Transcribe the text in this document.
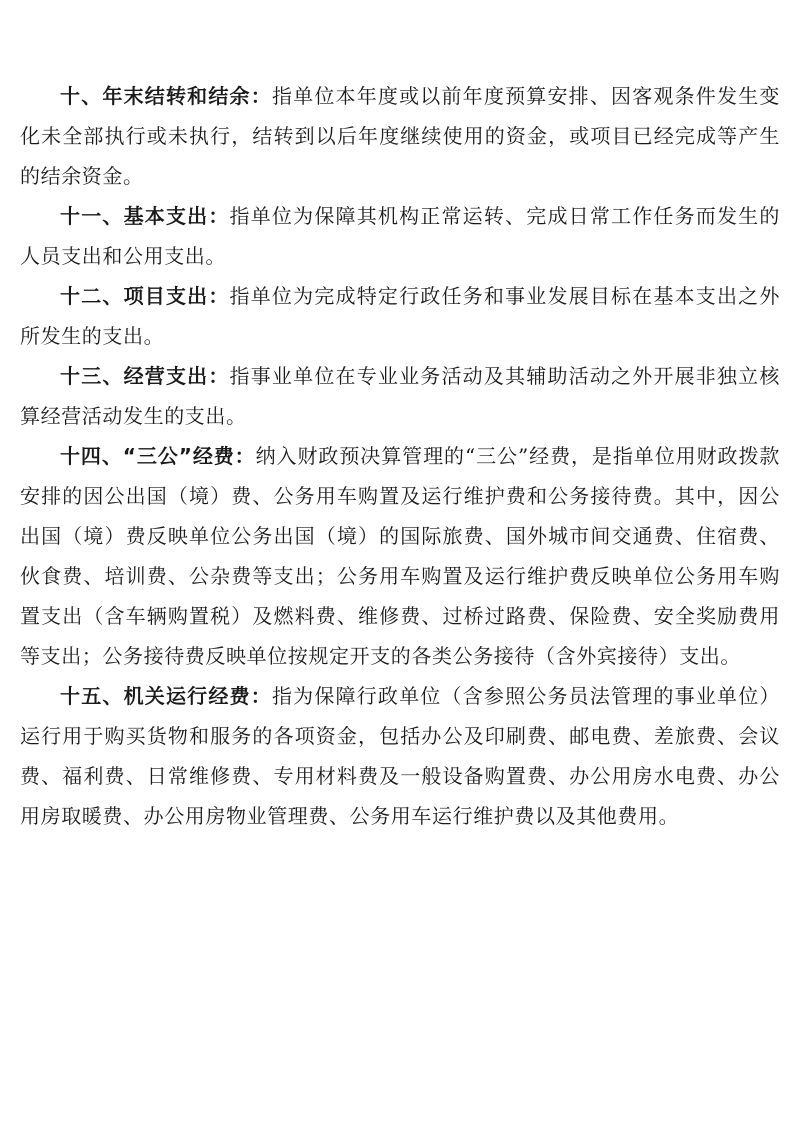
十、年末结转和结余：指单位本年度或以前年度预算安排、因客观条件发生变化未全部执行或未执行，结转到以后年度继续使用的资金，或项目已经完成等产生的结余资金。

十一、基本支出：指单位为保障其机构正常运转、完成日常工作任务而发生的人员支出和公用支出。

十二、项目支出：指单位为完成特定行政任务和事业发展目标在基本支出之外所发生的支出。

十三、经营支出：指事业单位在专业业务活动及其辅助活动之外开展非独立核算经营活动发生的支出。

十四、“三公”经费：纳入财政预决算管理的“三公”经费，是指单位用财政拨款安排的因公出国（境）费、公务用车购置及运行维护费和公务接待费。其中，因公出国（境）费反映单位公务出国（境）的国际旅费、国外城市间交通费、住宿费、伙食费、培训费、公杂费等支出；公务用车购置及运行维护费反映单位公务用车购置支出（含车辆购置税）及燃料费、维修费、过桥过路费、保险费、安全奖励费用等支出；公务接待费反映单位按规定开支的各类公务接待（含外宾接待）支出。

十五、机关运行经费：指为保障行政单位（含参照公务员法管理的事业单位）运行用于购买货物和服务的各项资金，包括办公及印刷费、邮电费、差旅费、会议费、福利费、日常维修费、专用材料费及一般设备购置费、办公用房水电费、办公用房取暖费、办公用房物业管理费、公务用车运行维护费以及其他费用。
